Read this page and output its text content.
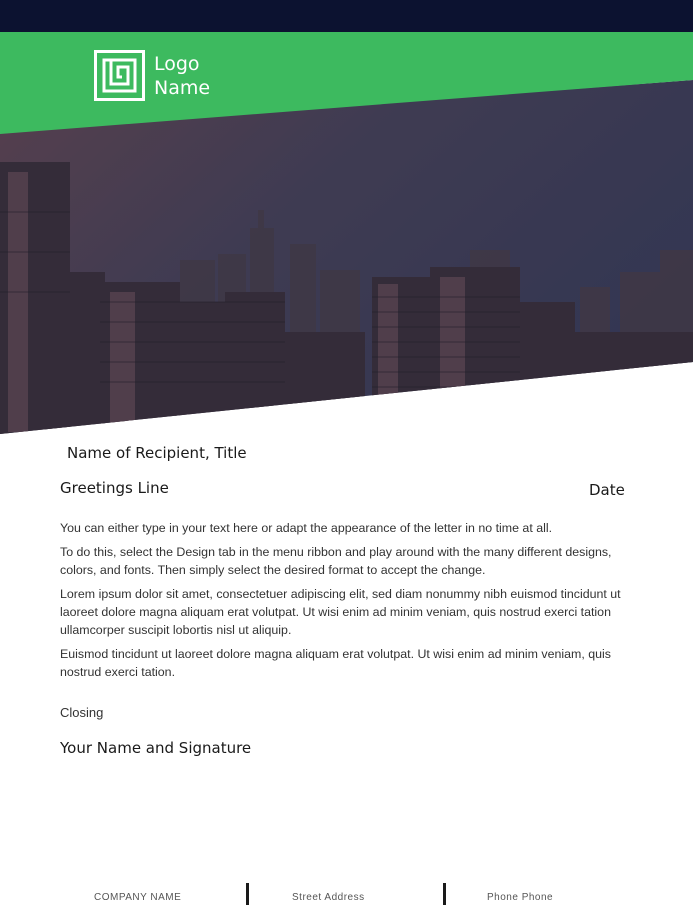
Logo
Name
Name of Recipient, Title
Greetings Line	Date

You can either type in your text here or adapt the appearance of the letter in no time at all.

To do this, select the Design tab in the menu ribbon and play around with the many different designs, colors, and fonts. Then simply select the desired format to accept the change.

Lorem ipsum dolor sit amet, consectetuer adipiscing elit, sed diam nonummy nibh euismod tincidunt ut laoreet dolore magna aliquam erat volutpat. Ut wisi enim ad minim veniam, quis nostrud exerci tation ullamcorper suscipit lobortis nisl ut aliquip.

Euismod tincidunt ut laoreet dolore magna aliquam erat volutpat. Ut wisi enim ad minim veniam, quis nostrud exerci tation.

Closing
Your Name and Signature
COMPANY NAME	Street Address	Phone Phone
